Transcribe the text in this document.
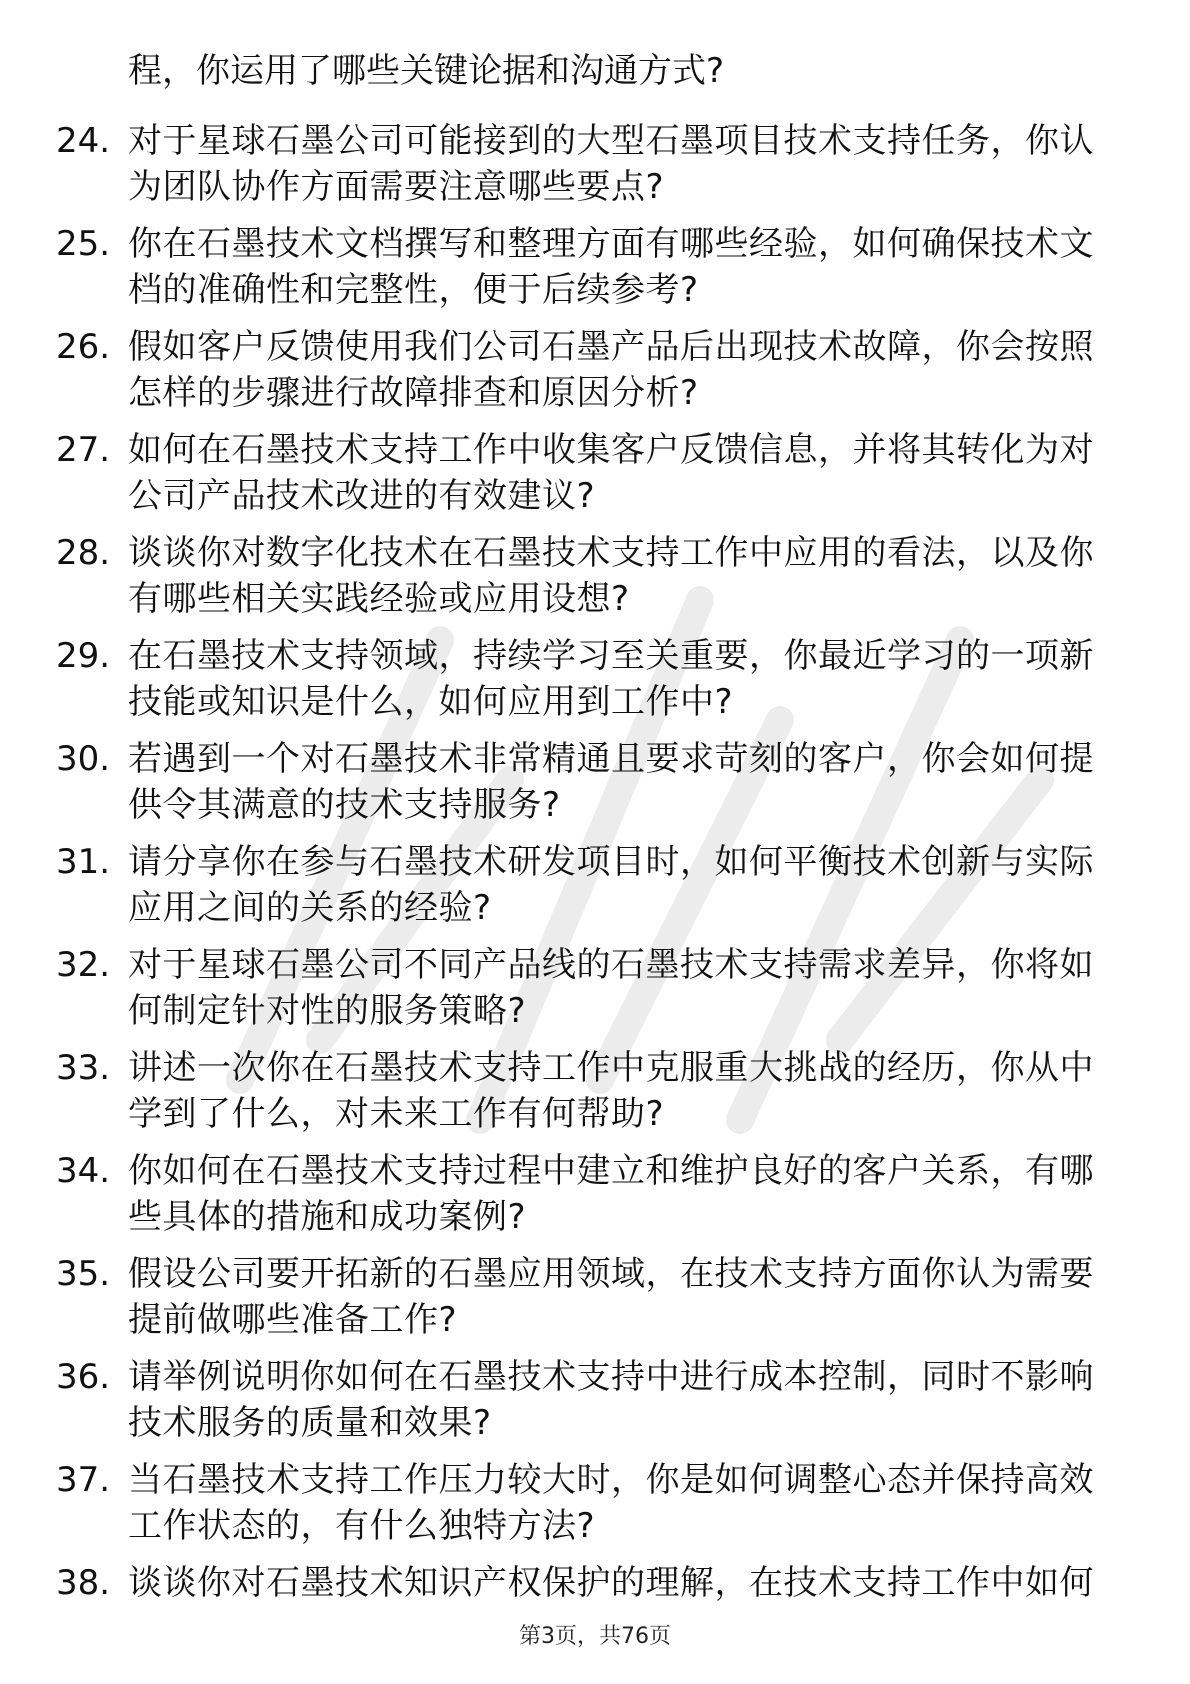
程，你运用了哪些关键论据和沟通方式?
24. 对于星球石墨公司可能接到的大型石墨项目技术支持任务，你认为团队协作方面需要注意哪些要点?
25. 你在石墨技术文档撰写和整理方面有哪些经验，如何确保技术文档的准确性和完整性，便于后续参考?
26. 假如客户反馈使用我们公司石墨产品后出现技术故障，你会按照怎样的步骤进行故障排查和原因分析?
27. 如何在石墨技术支持工作中收集客户反馈信息，并将其转化为对公司产品技术改进的有效建议?
28. 谈谈你对数字化技术在石墨技术支持工作中应用的看法，以及你有哪些相关实践经验或应用设想?
29. 在石墨技术支持领域，持续学习至关重要，你最近学习的一项新技能或知识是什么，如何应用到工作中?
30. 若遇到一个对石墨技术非常精通且要求苛刻的客户，你会如何提供令其满意的技术支持服务?
31. 请分享你在参与石墨技术研发项目时，如何平衡技术创新与实际应用之间的关系的经验?
32. 对于星球石墨公司不同产品线的石墨技术支持需求差异，你将如何制定针对性的服务策略?
33. 讲述一次你在石墨技术支持工作中克服重大挑战的经历，你从中学到了什么，对未来工作有何帮助?
34. 你如何在石墨技术支持过程中建立和维护良好的客户关系，有哪些具体的措施和成功案例?
35. 假设公司要开拓新的石墨应用领域，在技术支持方面你认为需要提前做哪些准备工作?
36. 请举例说明你如何在石墨技术支持中进行成本控制，同时不影响技术服务的质量和效果?
37. 当石墨技术支持工作压力较大时，你是如何调整心态并保持高效工作状态的，有什么独特方法?
38. 谈谈你对石墨技术知识产权保护的理解，在技术支持工作中如何
第3页，共76页
